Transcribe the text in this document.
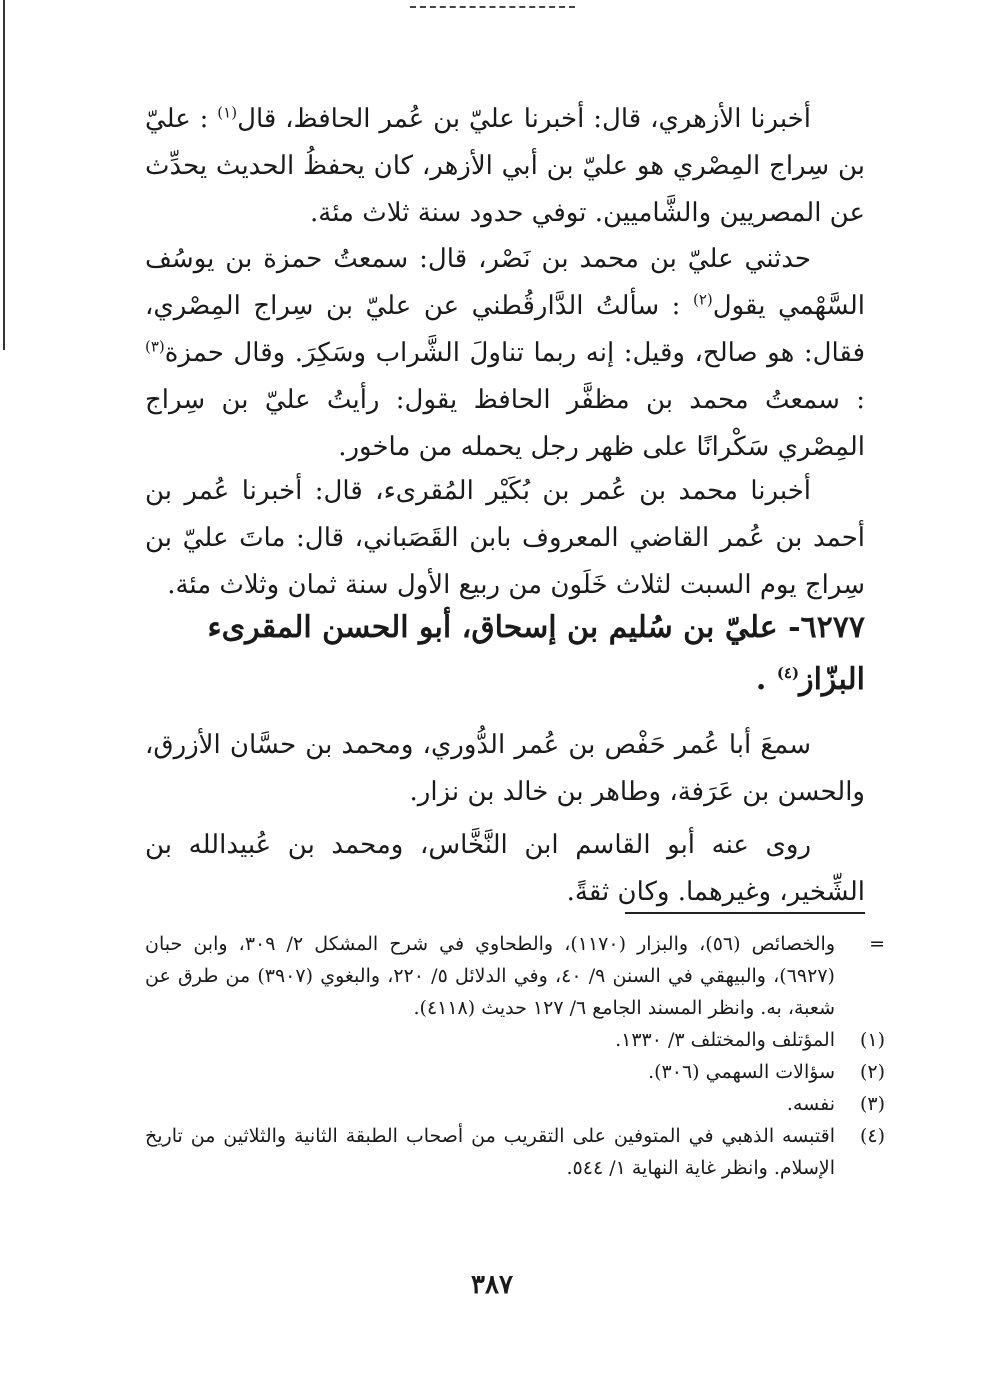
أخبرنا الأزهري، قال: أخبرنا عليّ بن عُمر الحافظ، قال$^{(١)}$ : عليّ بن سِراج المِصْري هو عليّ بن أبي الأزهر، كان يحفظُ الحديث يحدِّث عن المصريين والشَّاميين. توفي حدود سنة ثلاث مئة.

حدثني عليّ بن محمد بن نَصْر، قال: سمعتُ حمزة بن يوسُف السَّهْمي يقول$^{(٢)}$ : سألتُ الدَّارقُطني عن عليّ بن سِراج المِصْري، فقال: هو صالح، وقيل: إنه ربما تناولَ الشَّراب وسَكِرَ. وقال حمزة$^{(٣)}$ : سمعتُ محمد بن مظفَّر الحافظ يقول: رأيتُ عليّ بن سِراج المِصْري سَكْرانًا على ظهر رجل يحمله من ماخور.

أخبرنا محمد بن عُمر بن بُكَيْر المُقرىء، قال: أخبرنا عُمر بن أحمد بن عُمر القاضي المعروف بابن القَصَباني، قال: ماتَ عليّ بن سِراج يوم السبت لثلاث خَلَون من ربيع الأول سنة ثمان وثلاث مئة.

٦٢٧٧- عليّ بن سُليم بن إسحاق، أبو الحسن المقرىء البزّاز$^{(٤)}$ .

سمعَ أبا عُمر حَفْص بن عُمر الدُّوري، ومحمد بن حسَّان الأزرق، والحسن بن عَرَفة، وطاهر بن خالد بن نزار.

روى عنه أبو القاسم ابن النَّخَّاس، ومحمد بن عُبيدالله بن الشِّخير، وغيرهما. وكان ثقةً.

=
والخصائص (٥٦)، والبزار (١١٧٠)، والطحاوي في شرح المشكل ٢/ ٣٠٩، وابن حبان (٦٩٢٧)، والبيهقي في السنن ٩/ ٤٠، وفي الدلائل ٥/ ٢٢٠، والبغوي (٣٩٠٧) من طرق عن شعبة، به. وانظر المسند الجامع ٦/ ١٢٧ حديث (٤١١٨).
(١)
المؤتلف والمختلف ٣/ ١٣٣٠.
(٢)
سؤالات السهمي (٣٠٦).
(٣)
نفسه.
(٤)
اقتبسه الذهبي في المتوفين على التقريب من أصحاب الطبقة الثانية والثلاثين من تاريخ الإسلام. وانظر غاية النهاية ١/ ٥٤٤.
٣٨٧
